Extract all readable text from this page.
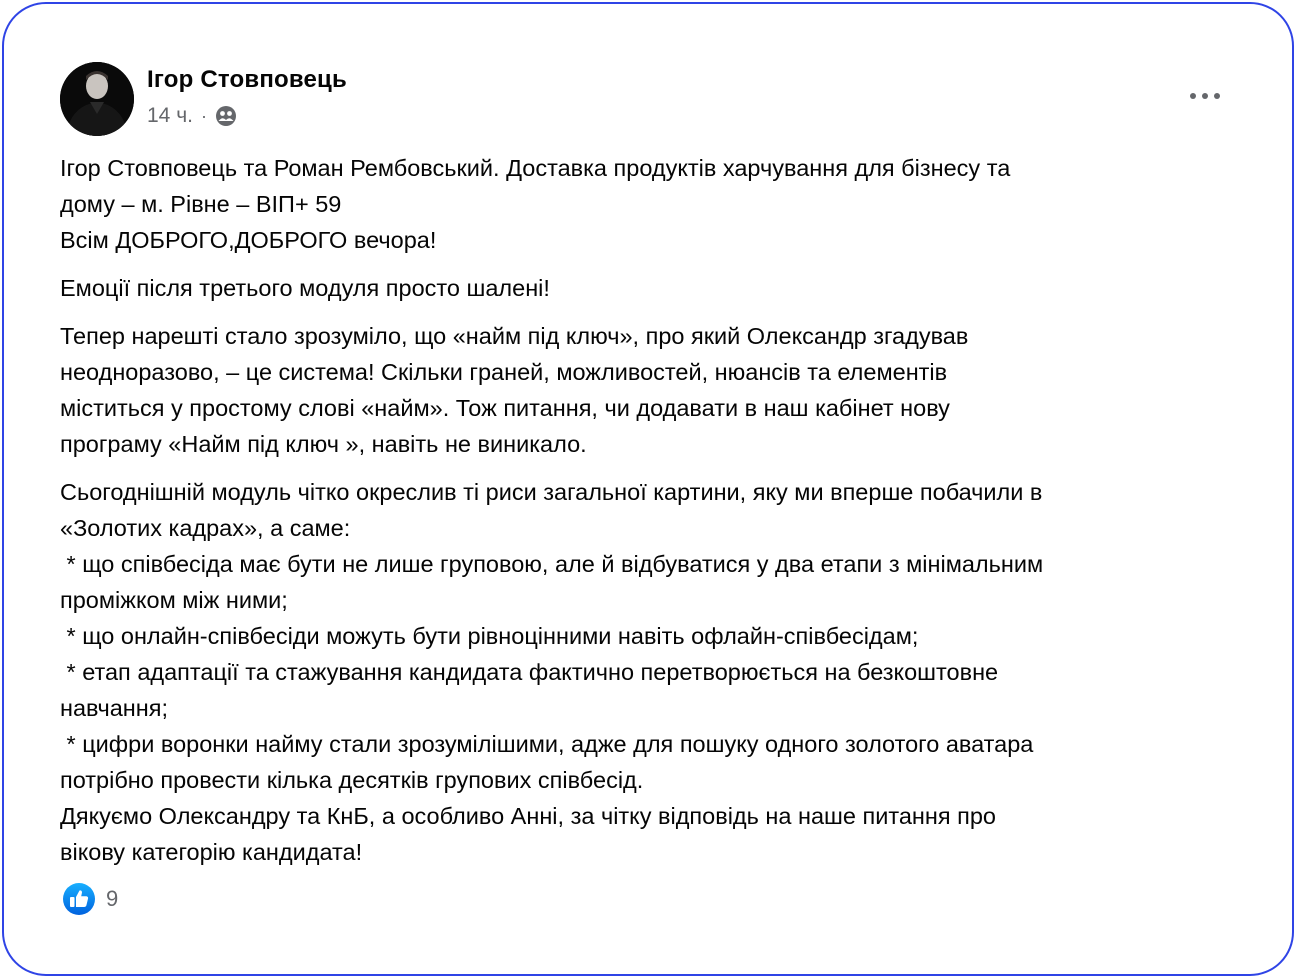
Ігор Стовповець
14 ч. ·

Ігор Стовповець та Роман Рембовський. Доставка продуктів харчування для бізнесу та
дому – м. Рівне – ВІП+ 59
Всім ДОБРОГО,ДОБРОГО вечора!

Емоції після третього модуля просто шалені!

Тепер нарешті стало зрозуміло, що «найм під ключ», про який Олександр згадував
неодноразово, – це система! Скільки граней, можливостей, нюансів та елементів
міститься у простому слові «найм». Тож питання, чи додавати в наш кабінет нову
програму «Найм під ключ », навіть не виникало.

Сьогоднішній модуль чітко окреслив ті риси загальної картини, яку ми вперше побачили в
«Золотих кадрах», а саме:
* що співбесіда має бути не лише груповою, але й відбуватися у два етапи з мінімальним
проміжком між ними;
* що онлайн-співбесіди можуть бути рівноцінними навіть офлайн-співбесідам;
* етап адаптації та стажування кандидата фактично перетворюється на безкоштовне
навчання;
* цифри воронки найму стали зрозумілішими, адже для пошуку одного золотого аватара
потрібно провести кілька десятків групових співбесід.
Дякуємо Олександру та КнБ, а особливо Анні, за чітку відповідь на наше питання про
вікову категорію кандидата!

9
